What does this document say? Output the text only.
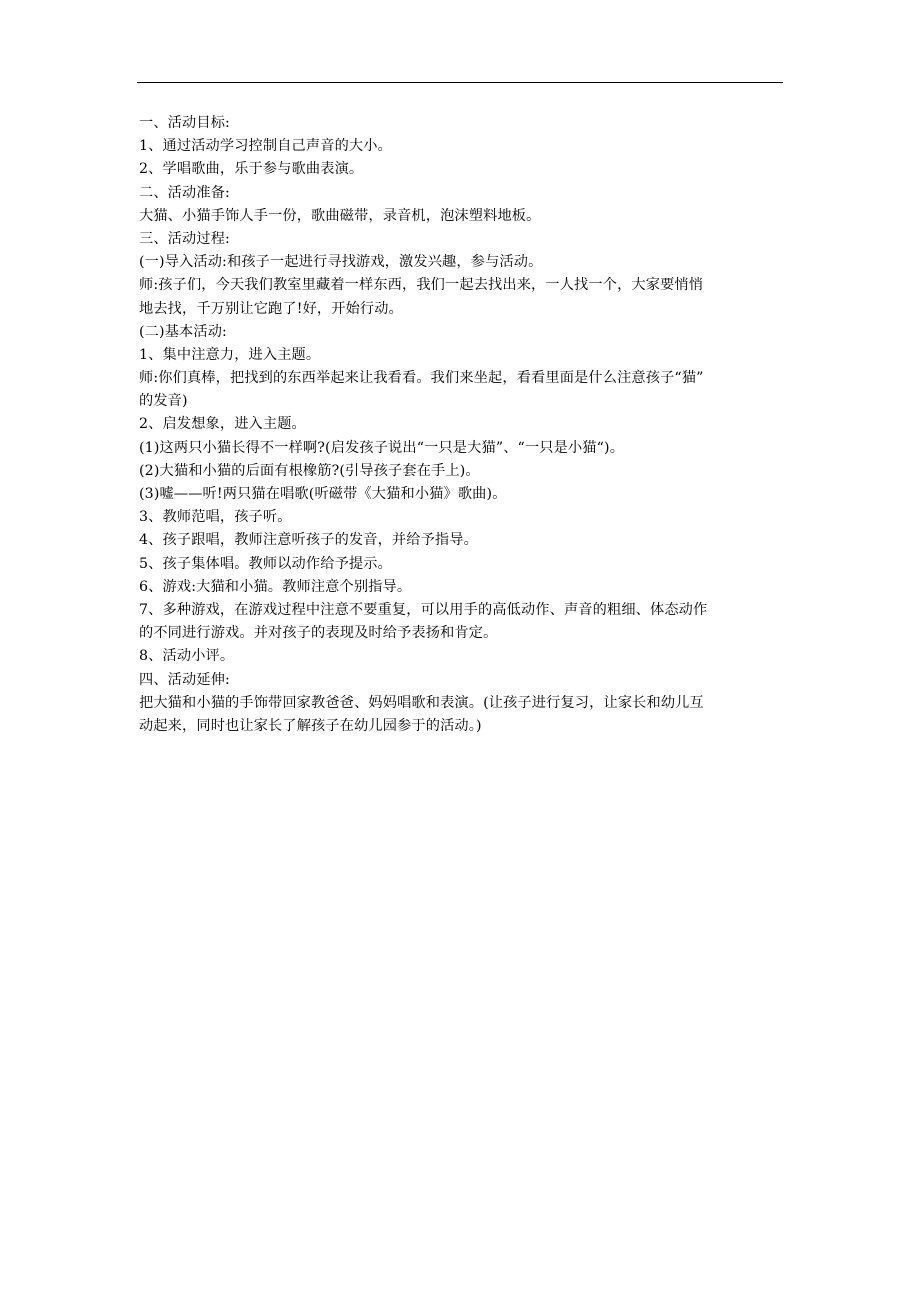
一、活动目标:
1、通过活动学习控制自己声音的大小。
2、学唱歌曲，乐于参与歌曲表演。
二、活动准备:
大猫、小猫手饰人手一份，歌曲磁带，录音机，泡沫塑料地板。
三、活动过程:
(一)导入活动:和孩子一起进行寻找游戏，激发兴趣，参与活动。
师:孩子们，今天我们教室里藏着一样东西，我们一起去找出来，一人找一个，大家要悄悄
地去找，千万别让它跑了!好，开始行动。
(二)基本活动:
1、集中注意力，进入主题。
师:你们真棒，把找到的东西举起来让我看看。我们来坐起，看看里面是什么注意孩子“猫”
的发音)
2、启发想象，进入主题。
(1)这两只小猫长得不一样啊?(启发孩子说出“一只是大猫”、“一只是小猫“)。
(2)大猫和小猫的后面有根橡筋?(引导孩子套在手上)。
(3)嘘——听!两只猫在唱歌(听磁带《大猫和小猫》歌曲)。
3、教师范唱，孩子听。
4、孩子跟唱，教师注意听孩子的发音，并给予指导。
5、孩子集体唱。教师以动作给予提示。
6、游戏:大猫和小猫。教师注意个别指导。
7、多种游戏，在游戏过程中注意不要重复，可以用手的高低动作、声音的粗细、体态动作
的不同进行游戏。并对孩子的表现及时给予表扬和肯定。
8、活动小评。
四、活动延伸:
把大猫和小猫的手饰带回家教爸爸、妈妈唱歌和表演。(让孩子进行复习，让家长和幼儿互
动起来，同时也让家长了解孩子在幼儿园参于的活动。)
